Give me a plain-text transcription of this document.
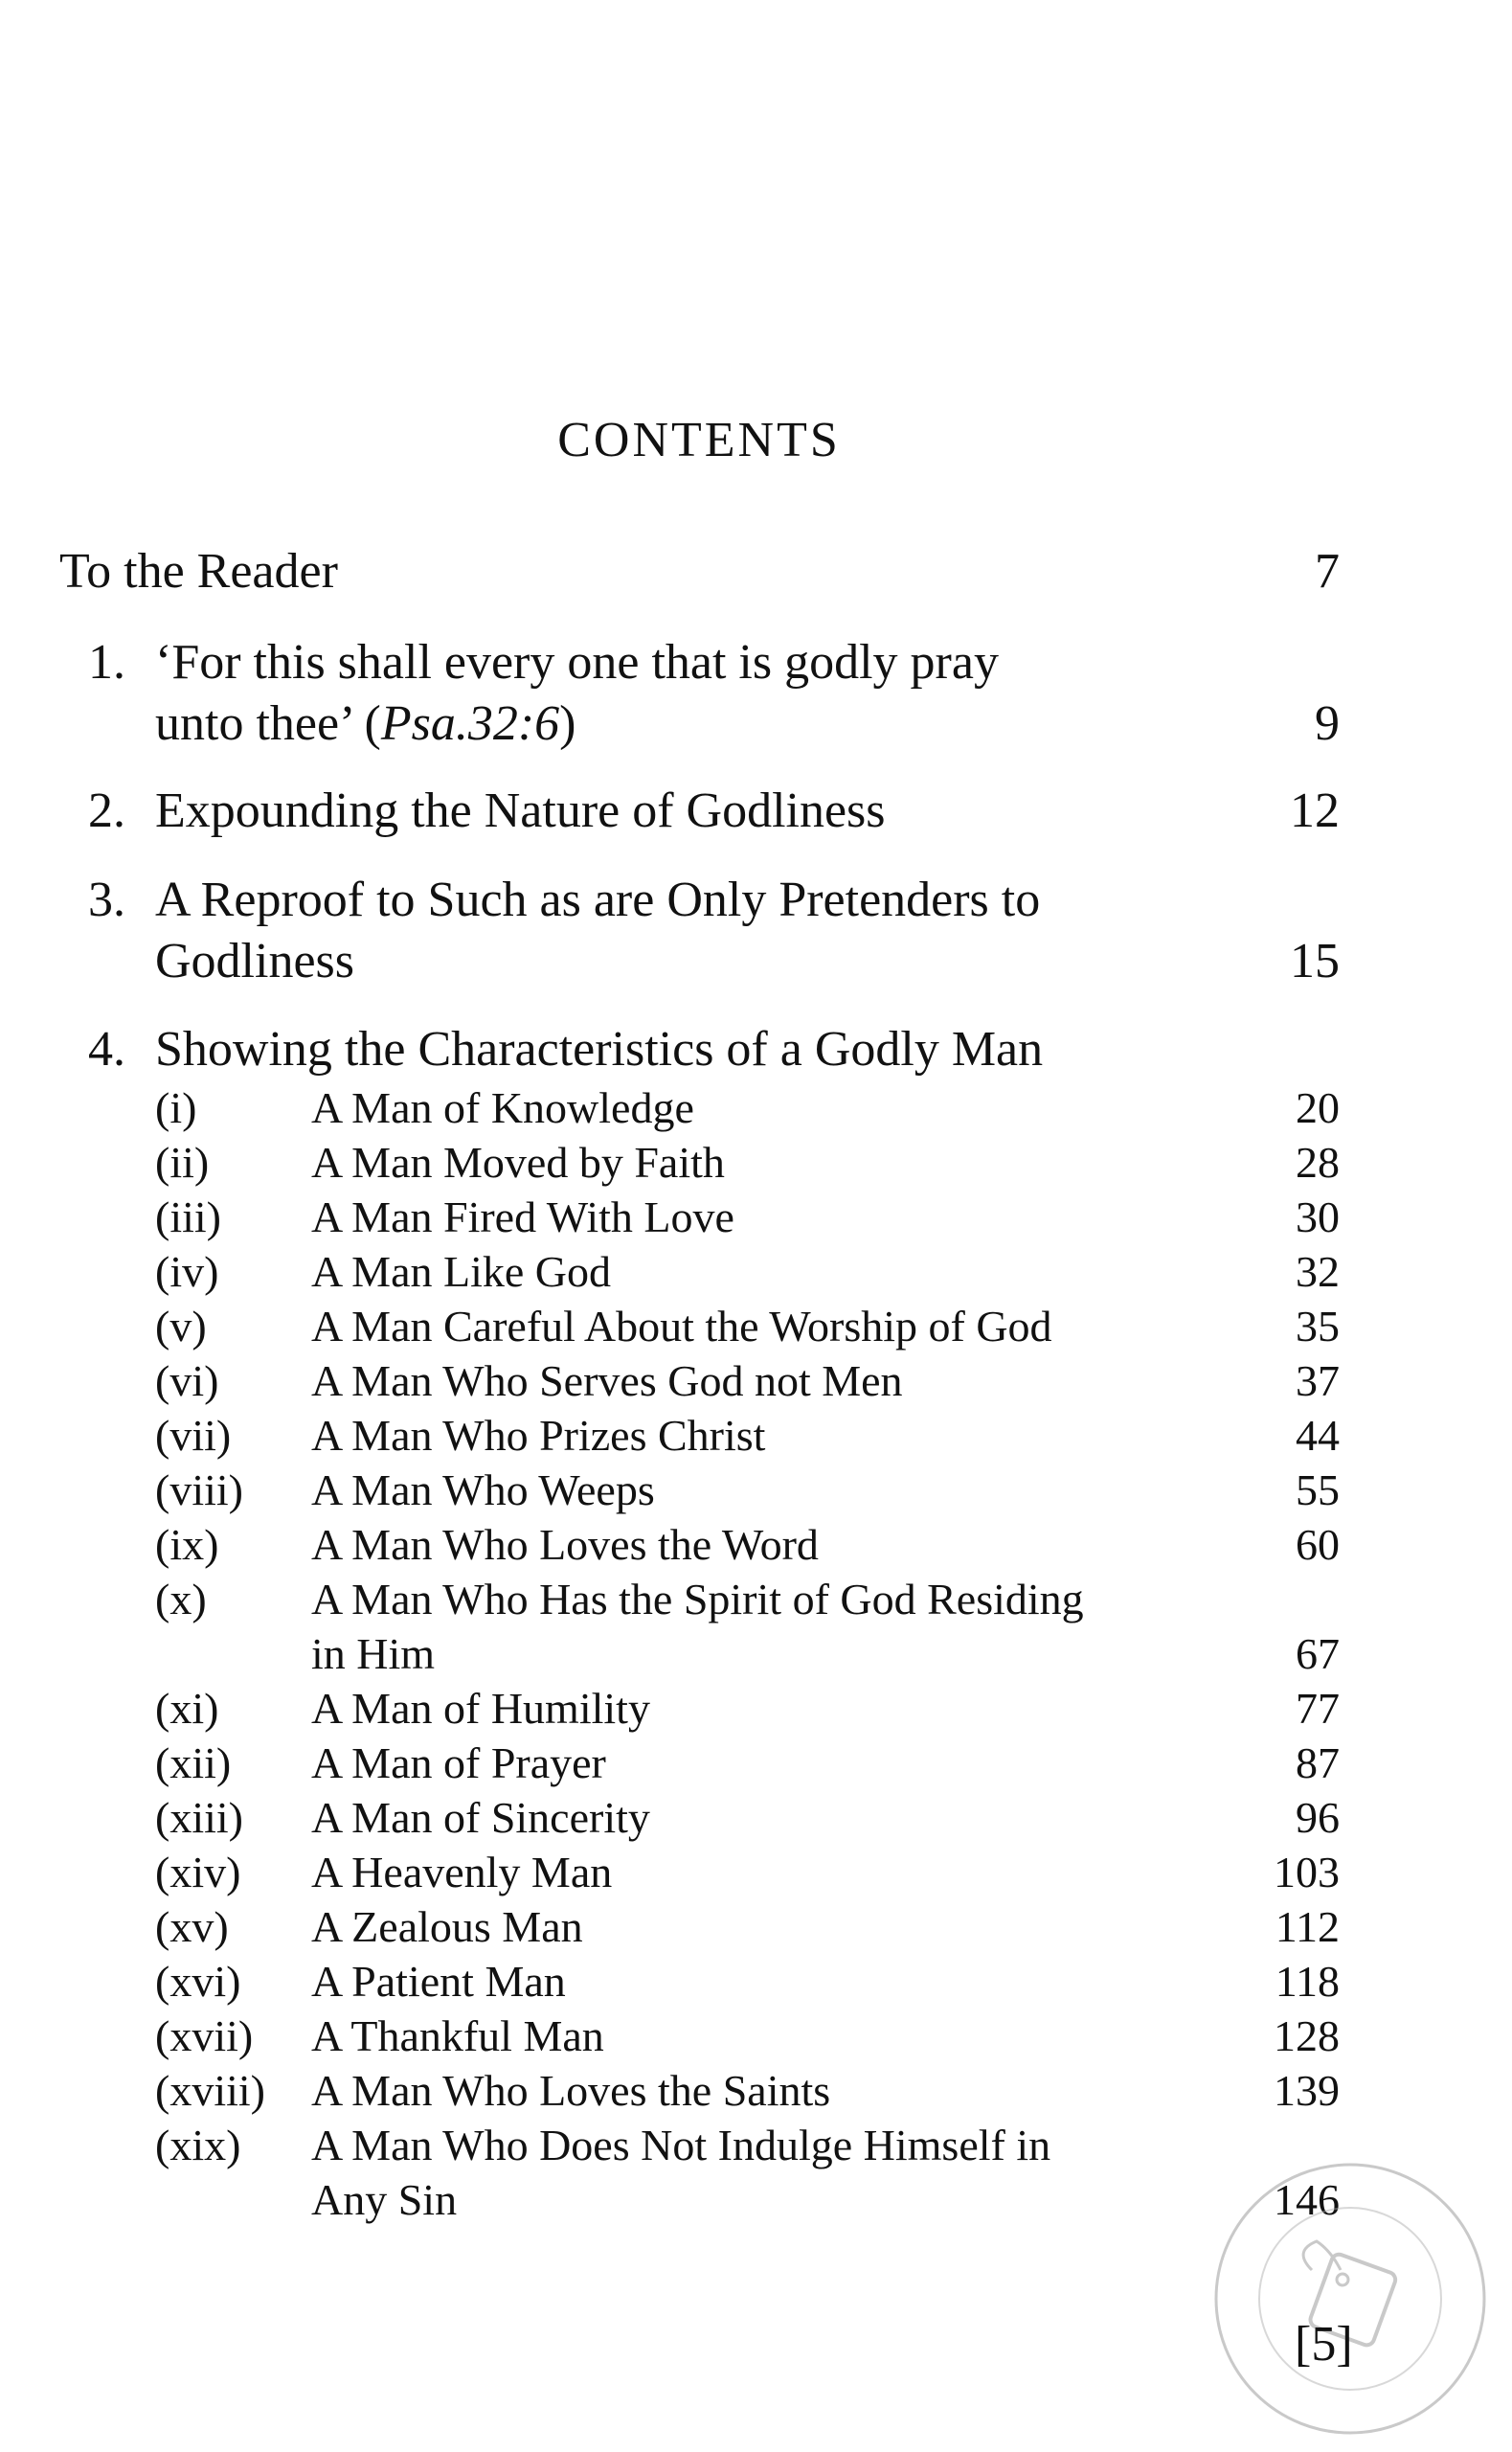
CONTENTS
To the Reader	7
1. ‘For this shall every one that is godly pray
unto thee’ (Psa.32:6)	9
2. Expounding the Nature of Godliness	12
3. A Reproof to Such as are Only Pretenders to
Godliness	15
4. Showing the Characteristics of a Godly Man
(i)	A Man of Knowledge	20
(ii) A Man Moved by Faith	28
(iii) A Man Fired With Love	30
(iv) A Man Like God	32
(v) A Man Careful About the Worship of God	35
(vi) A Man Who Serves God not Men	37
(vii) A Man Who Prizes Christ	44
(viii) A Man Who Weeps	55
(ix) A Man Who Loves the Word	60
(x) A Man Who Has the Spirit of God Residing
in Him	67
(xi) A Man of Humility	77
(xii) A Man of Prayer	87
(xiii) A Man of Sincerity	96
(xiv) A Heavenly Man	103
(xv) A Zealous Man	112
(xvi) A Patient Man	118
(xvii) A Thankful Man	128
(xviii) A Man Who Loves the Saints	139
(xix) A Man Who Does Not Indulge Himself in
Any Sin	146
[5]
